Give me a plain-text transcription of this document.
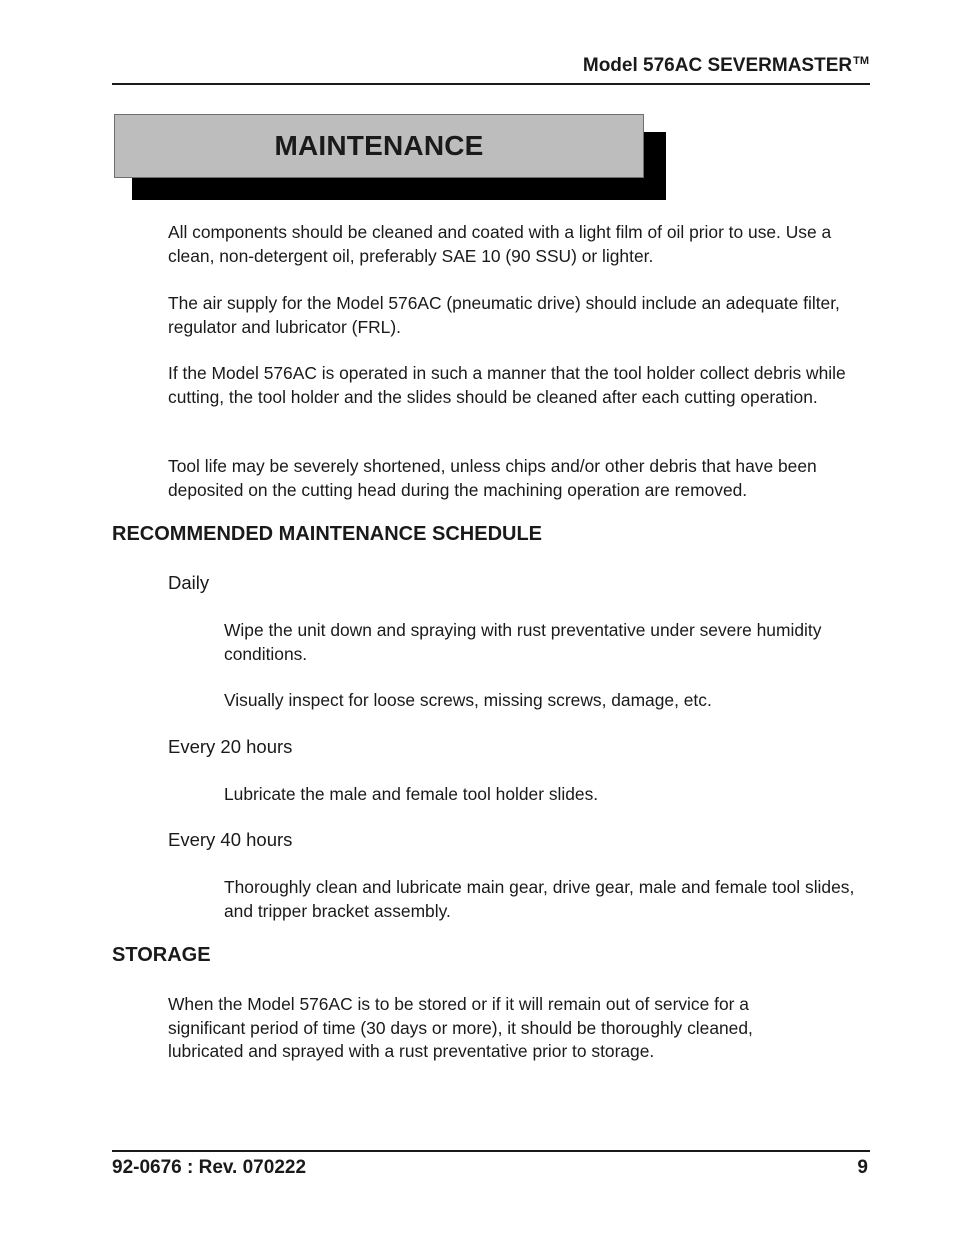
Model 576AC SEVERMASTER™
MAINTENANCE

All components should be cleaned and coated with a light film of oil prior to use. Use a clean, non-detergent oil, preferably SAE 10 (90 SSU) or lighter.

The air supply for the Model 576AC (pneumatic drive) should include an adequate filter, regulator and lubricator (FRL).

If the Model 576AC is operated in such a manner that the tool holder collect debris while cutting, the tool holder and the slides should be cleaned after each cutting operation.

Tool life may be severely shortened, unless chips and/or other debris that have been deposited on the cutting head during the machining operation are removed.

RECOMMENDED MAINTENANCE SCHEDULE

Daily

Wipe the unit down and spraying with rust preventative under severe humidity conditions.

Visually inspect for loose screws, missing screws, damage, etc.

Every 20 hours

Lubricate the male and female tool holder slides.

Every 40 hours

Thoroughly clean and lubricate main gear, drive gear, male and female tool slides, and tripper bracket assembly.

STORAGE

When the Model 576AC is to be stored or if it will remain out of service for a significant period of time (30 days or more), it should be thoroughly cleaned, lubricated and sprayed with a rust preventative prior to storage.

92-0676 : Rev. 070222	9
